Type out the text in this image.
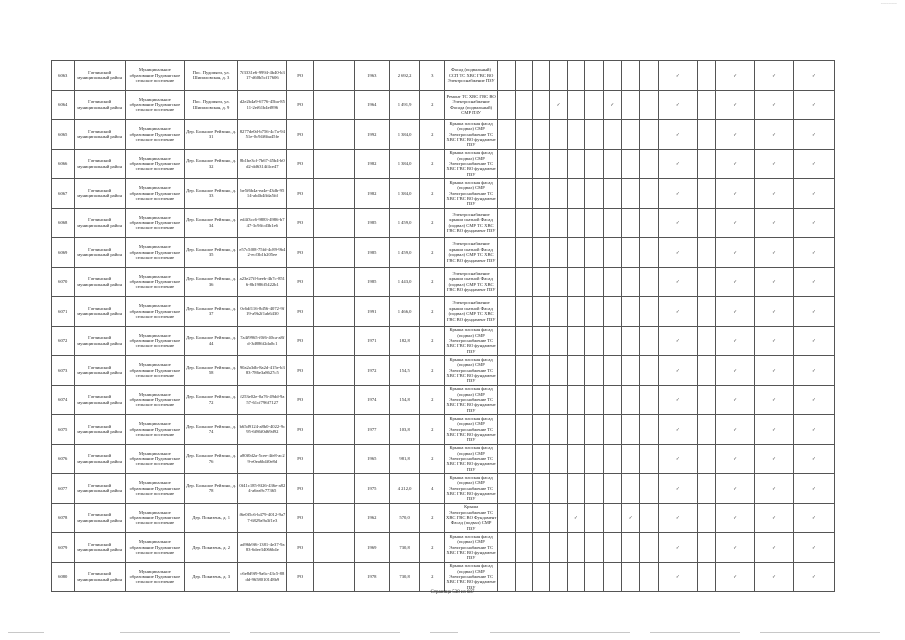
~~~~~~
6063	Гатчинский муниципальный район	Муниципальное образование Пудомягское сельское поселение	Пос. Пудомяги, ул. Шипиловская, д. 3	7f3331e6-9994-4b40-b317-d60b5cf17606	РО		1963	2 692,2	3	Фасад (подвальный) ССП ТС ХВС ГВС ВО Электроснабжение ПЗУ										✓		✓	✓	✓
6064	Гатчинский муниципальный район	Муниципальное образование Пудомягское сельское поселение	Пос. Пудомяги, ул. Шипиловская, д. 9	d2e2b4a9-6776-45ba-8511-2ef61b4ef896	РО		1964	1 491,9	2	Ремонт ТС ХВС ГВС ВО Электроснабжение Фасада (подвальный) СМР ПЗУ				✓			✓			✓		✓	✓	✓
6065	Гатчинский муниципальный район	Муниципальное образование Пудомягское сельское поселение	Дер. Большое Рейзино, д. 31	8277de0d-b756-4c7a-9451e-0c94f6ba45fe	РО		1992	1 384,0	2	Крыша плоская фасад (подвал) СМР Электроснабжение ТС ХВС ГВС ВО фундамент ПЗУ										✓		✓	✓	✓
6066	Гатчинский муниципальный район	Муниципальное образование Пудомягское сельское поселение	Дер. Большое Рейзино, д. 32	8b1be3cf-7b67-45b4-b0d2-dd6314f4ce47	РО		1982	1 384,0	2	Крыша плоская фасад (подвал) СМР Электроснабжение ТС ХВС ГВС ВО фундамент ПЗУ										✓		✓	✓	✓
6067	Гатчинский муниципальный район	Муниципальное образование Пудомягское сельское поселение	Дер. Большое Рейзино, д. 33	be5f6b4a-ea4e-43db-9514-ab4b4ffda5fd	РО		1982	1 384,0	2	Крыша плоская фасад (подвал) СМР Электроснабжение ТС ХВС ГВС ВО фундамент ПЗУ										✓		✓	✓	✓
6068	Гатчинский муниципальный район	Муниципальное образование Пудомягское сельское поселение	Дер. Большое Рейзино, д. 34	ed4f3cc6-9883-4986-b747-3c9ffcd3b1e6	РО		1985	1 459,0	2	Электроснабжение крыши скатной Фасад (подвал) СМР ТС ХВС ГВС ВО фундамент ПЗУ										✓		✓	✓	✓
6069	Гатчинский муниципальный район	Муниципальное образование Пудомягское сельское поселение	Дер. Большое Рейзино, д. 35	e57c5f08-75fd-4c89-9b42-ecf3b1b205ee	РО		1985	1 459,0	2	Электроснабжение крыши скатной Фасад (подвал) СМР ТС ХВС ГВС ВО фундамент ПЗУ										✓		✓	✓	✓
6070	Гатчинский муниципальный район	Муниципальное образование Пудомягское сельское поселение	Дер. Большое Рейзино, д. 36	a23e27ff-beeb-4b7c-8516-8b1986f5422b1	РО		1985	1 443,0	2	Электроснабжение крыши скатной Фасад (подвал) СМР ТС ХВС ГВС ВО фундамент ПЗУ										✓		✓	✓	✓
6071	Гатчинский муниципальный район	Муниципальное образование Пудомягское сельское поселение	Дер. Большое Рейзино, д. 37	0c6df116-8d56-4072-9f19-a9b2f1ab6430	РО		1991	1 466,0	2	Электроснабжение крыши скатной Фасад (подвал) СМР ТС ХВС ГВС ВО фундамент ПЗУ										✓		✓	✓	✓
6072	Гатчинский муниципальный район	Муниципальное образование Пудомягское сельское поселение	Дер. Большое Рейзино, д. 44	7a4f9965-f0f6-40ca-a8fd-3d886f2da0c1	РО		1971	182,8	2	Крыша плоская фасад (подвал) СМР Электроснабжение ТС ХВС ГВС ВО фундамент ПЗУ										✓		✓	✓	✓
6073	Гатчинский муниципальный район	Муниципальное образование Пудомягское сельское поселение	Дер. Большое Рейзино, д. 58	90a2a3db-8a2d-415e-b383-786e3a8627c5	РО		1972	154,5	2	Крыша плоская фасад (подвал) СМР Электроснабжение ТС ХВС ГВС ВО фундамент ПЗУ										✓		✓	✓	✓
6074	Гатчинский муниципальный район	Муниципальное образование Пудомягское сельское поселение	Дер. Большое Рейзино, д. 72	f253e02e-0a76-49dd-9a57-61cf796f7127	РО		1974	154,8	2	Крыша плоская фасад (подвал) СМР Электроснабжение ТС ХВС ГВС ВО фундамент ПЗУ										✓		✓	✓	✓
6075	Гатчинский муниципальный район	Муниципальное образование Пудомягское сельское поселение	Дер. Большое Рейзино, д. 74	b65d9124-a8b0-4022-9c95-6f86f0d69d92	РО		1977	103,8	2	Крыша плоская фасад (подвал) СМР Электроснабжение ТС ХВС ГВС ВО фундамент ПЗУ										✓		✓	✓	✓
6076	Гатчинский муниципальный район	Муниципальное образование Пудомягское сельское поселение	Дер. Большое Рейзино, д. 76	a80f0d2a-5cee-4fe8-ac29-e0ea6b4f0e8d	РО		1965	981,8	2	Крыша плоская фасад (подвал) СМР Электроснабжение ТС ХВС ГВС ВО фундамент ПЗУ										✓		✓	✓	✓
6077	Гатчинский муниципальный район	Муниципальное образование Пудомягское сельское поселение	Дер. Большое Рейзино, д. 78	0f41c185-8f26-436e-a824-a6ea9c77365	РО		1975	4 212,0	4	Крыша плоская фасад (подвал) СМР Электроснабжение ТС ХВС ГВС ВО фундамент ПЗУ										✓		✓	✓	✓
6078	Гатчинский муниципальный район	Муниципальное образование Пудомягское сельское поселение	Дер. Покизень, д. 1	f6e0f5c6-b479-4012-9a77-6829a9a3f1e3	РО		1962	570,0	2	Крыша Электроснабжение ТС ХВС ГВС ВО Фундамент Фасад (подвал) СМР ПЗУ					✓			✓		✓		✓	✓	✓
6079	Гатчинский муниципальный район	Муниципальное образование Пудомягское сельское поселение	Дер. Покизень, д. 2	ad96b9f6-1381-4e37-9a83-6dee34066b4e	РО		1969	730,8	2	Крыша плоская фасад (подвал) СМР Электроснабжение ТС ХВС ГВС ВО фундамент ПЗУ										✓		✓	✓	✓
6080	Гатчинский муниципальный район	Муниципальное образование Пудомягское сельское поселение	Дер. Покизень, д. 3	c6e8d9f9-9a6c-43c5-88dd-9658010148b9	РО		1978	730,8	2	Крыша плоская фасад (подвал) СМР Электроснабжение ТС ХВС ГВС ВО фундамент ПЗУ										✓		✓	✓	✓
Страница 538 из 687
